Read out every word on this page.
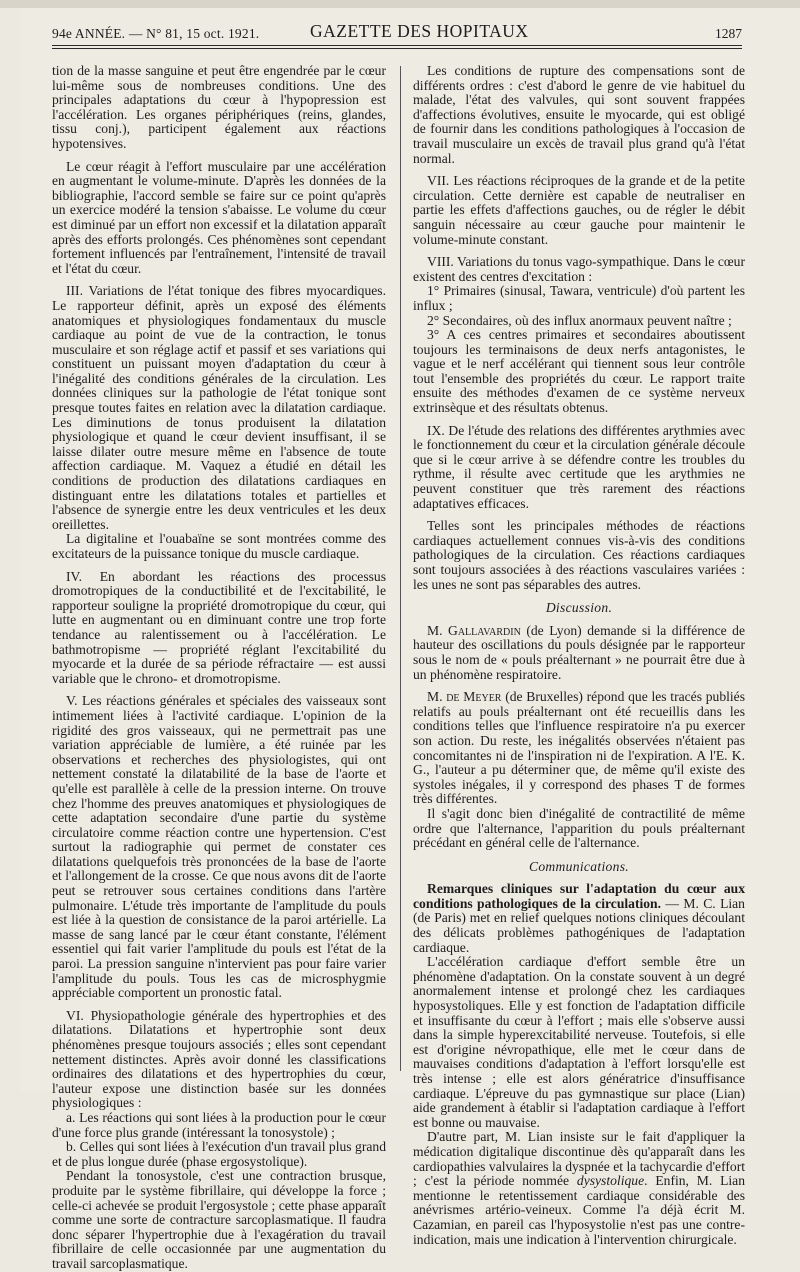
94e ANNÉE. — N° 81, 15 oct. 1921.	GAZETTE DES HOPITAUX	1287

tion de la masse sanguine et peut être engendrée par le cœur lui-même sous de nombreuses conditions. Une des principales adaptations du cœur à l'hypopression est l'accélération. Les organes périphériques (reins, glandes, tissu conj.), participent également aux réactions hypotensives.

Le cœur réagit à l'effort musculaire par une accélération en augmentant le volume-minute. D'après les données de la bibliographie, l'accord semble se faire sur ce point qu'après un exercice modéré la tension s'abaisse. Le volume du cœur est diminué par un effort non excessif et la dilatation apparaît après des efforts prolongés. Ces phénomènes sont cependant fortement influencés par l'entraînement, l'intensité de travail et l'état du cœur.

III. Variations de l'état tonique des fibres myocardiques. Le rapporteur définit, après un exposé des éléments anatomiques et physiologiques fondamentaux du muscle cardiaque au point de vue de la contraction, le tonus musculaire et son réglage actif et passif et ses variations qui constituent un puissant moyen d'adaptation du cœur à l'inégalité des conditions générales de la circulation. Les données cliniques sur la pathologie de l'état tonique sont presque toutes faites en relation avec la dilatation cardiaque. Les diminutions de tonus produisent la dilatation physiologique et quand le cœur devient insuffisant, il se laisse dilater outre mesure même en l'absence de toute affection cardiaque. M. Vaquez a étudié en détail les conditions de production des dilatations cardiaques en distinguant entre les dilatations totales et partielles et l'absence de synergie entre les deux ventricules et les deux oreillettes.

La digitaline et l'ouabaïne se sont montrées comme des excitateurs de la puissance tonique du muscle cardiaque.

IV. En abordant les réactions des processus dromotropiques de la conductibilité et de l'excitabilité, le rapporteur souligne la propriété dromotropique du cœur, qui lutte en augmentant ou en diminuant contre une trop forte tendance au ralentissement ou à l'accélération. Le bathmotropisme — propriété réglant l'excitabilité du myocarde et la durée de sa période réfractaire — est aussi variable que le chrono- et dromotropisme.

V. Les réactions générales et spéciales des vaisseaux sont intimement liées à l'activité cardiaque. L'opinion de la rigidité des gros vaisseaux, qui ne permettrait pas une variation appréciable de lumière, a été ruinée par les observations et recherches des physiologistes, qui ont nettement constaté la dilatabilité de la base de l'aorte et qu'elle est parallèle à celle de la pression interne. On trouve chez l'homme des preuves anatomiques et physiologiques de cette adaptation secondaire d'une partie du système circulatoire comme réaction contre une hypertension. C'est surtout la radiographie qui permet de constater ces dilatations quelquefois très prononcées de la base de l'aorte et l'allongement de la crosse. Ce que nous avons dit de l'aorte peut se retrouver sous certaines conditions dans l'artère pulmonaire. L'étude très importante de l'amplitude du pouls est liée à la question de consistance de la paroi artérielle. La masse de sang lancé par le cœur étant constante, l'élément essentiel qui fait varier l'amplitude du pouls est l'état de la paroi. La pression sanguine n'intervient pas pour faire varier l'amplitude du pouls. Tous les cas de microsphygmie appréciable comportent un pronostic fatal.

VI. Physiopathologie générale des hypertrophies et des dilatations. Dilatations et hypertrophie sont deux phénomènes presque toujours associés ; elles sont cependant nettement distinctes. Après avoir donné les classifications ordinaires des dilatations et des hypertrophies du cœur, l'auteur expose une distinction basée sur les données physiologiques :

a. Les réactions qui sont liées à la production pour le cœur d'une force plus grande (intéressant la tonosystole) ;

b. Celles qui sont liées à l'exécution d'un travail plus grand et de plus longue durée (phase ergosystolique).

Pendant la tonosystole, c'est une contraction brusque, produite par le système fibrillaire, qui développe la force ; celle-ci achevée se produit l'ergosystole ; cette phase apparaît comme une sorte de contracture sarcoplasmatique. Il faudra donc séparer l'hypertrophie due à l'exagération du travail fibrillaire de celle occasionnée par une augmentation du travail sarcoplasmatique.

Les conditions de rupture des compensations sont de différents ordres : c'est d'abord le genre de vie habituel du malade, l'état des valvules, qui sont souvent frappées d'affections évolutives, ensuite le myocarde, qui est obligé de fournir dans les conditions pathologiques à l'occasion de travail musculaire un excès de travail plus grand qu'à l'état normal.

VII. Les réactions réciproques de la grande et de la petite circulation. Cette dernière est capable de neutraliser en partie les effets d'affections gauches, ou de régler le débit sanguin nécessaire au cœur gauche pour maintenir le volume-minute constant.

VIII. Variations du tonus vago-sympathique. Dans le cœur existent des centres d'excitation :

1° Primaires (sinusal, Tawara, ventricule) d'où partent les influx ;

2° Secondaires, où des influx anormaux peuvent naître ;

3° A ces centres primaires et secondaires aboutissent toujours les terminaisons de deux nerfs antagonistes, le vague et le nerf accélérant qui tiennent sous leur contrôle tout l'ensemble des propriétés du cœur. Le rapport traite ensuite des méthodes d'examen de ce système nerveux extrinsèque et des résultats obtenus.

IX. De l'étude des relations des différentes arythmies avec le fonctionnement du cœur et la circulation générale découle que si le cœur arrive à se défendre contre les troubles du rythme, il résulte avec certitude que les arythmies ne peuvent constituer que très rarement des réactions adaptatives efficaces.

Telles sont les principales méthodes de réactions cardiaques actuellement connues vis-à-vis des conditions pathologiques de la circulation. Ces réactions cardiaques sont toujours associées à des réactions vasculaires variées : les unes ne sont pas séparables des autres.

Discussion.

M. Gallavardin (de Lyon) demande si la différence de hauteur des oscillations du pouls désignée par le rapporteur sous le nom de « pouls préalternant » ne pourrait être due à un phénomène respiratoire.

M. de Meyer (de Bruxelles) répond que les tracés publiés relatifs au pouls préalternant ont été recueillis dans les conditions telles que l'influence respiratoire n'a pu exercer son action. Du reste, les inégalités observées n'étaient pas concomitantes ni de l'inspiration ni de l'expiration. A l'E. K. G., l'auteur a pu déterminer que, de même qu'il existe des systoles inégales, il y correspond des phases T de formes très différentes.

Il s'agit donc bien d'inégalité de contractilité de même ordre que l'alternance, l'apparition du pouls préalternant précédant en général celle de l'alternance.

Communications.

Remarques cliniques sur l'adaptation du cœur aux conditions pathologiques de la circulation. — M. C. Lian (de Paris) met en relief quelques notions cliniques découlant des délicats problèmes pathogéniques de l'adaptation cardiaque.

L'accélération cardiaque d'effort semble être un phénomène d'adaptation. On la constate souvent à un degré anormalement intense et prolongé chez les cardiaques hyposystoliques. Elle y est fonction de l'adaptation difficile et insuffisante du cœur à l'effort ; mais elle s'observe aussi dans la simple hyperexcitabilité nerveuse. Toutefois, si elle est d'origine névropathique, elle met le cœur dans de mauvaises conditions d'adaptation à l'effort lorsqu'elle est très intense ; elle est alors génératrice d'insuffisance cardiaque. L'épreuve du pas gymnastique sur place (Lian) aide grandement à établir si l'adaptation cardiaque à l'effort est bonne ou mauvaise.

D'autre part, M. Lian insiste sur le fait d'appliquer la médication digitalique discontinue dès qu'apparaît dans les cardiopathies valvulaires la dyspnée et la tachycardie d'effort ; c'est la période nommée dysystolique. Enfin, M. Lian mentionne le retentissement cardiaque considérable des anévrismes artério-veineux. Comme l'a déjà écrit M. Cazamian, en pareil cas l'hyposystolie n'est pas une contre-indication, mais une indication à l'intervention chirurgicale.
